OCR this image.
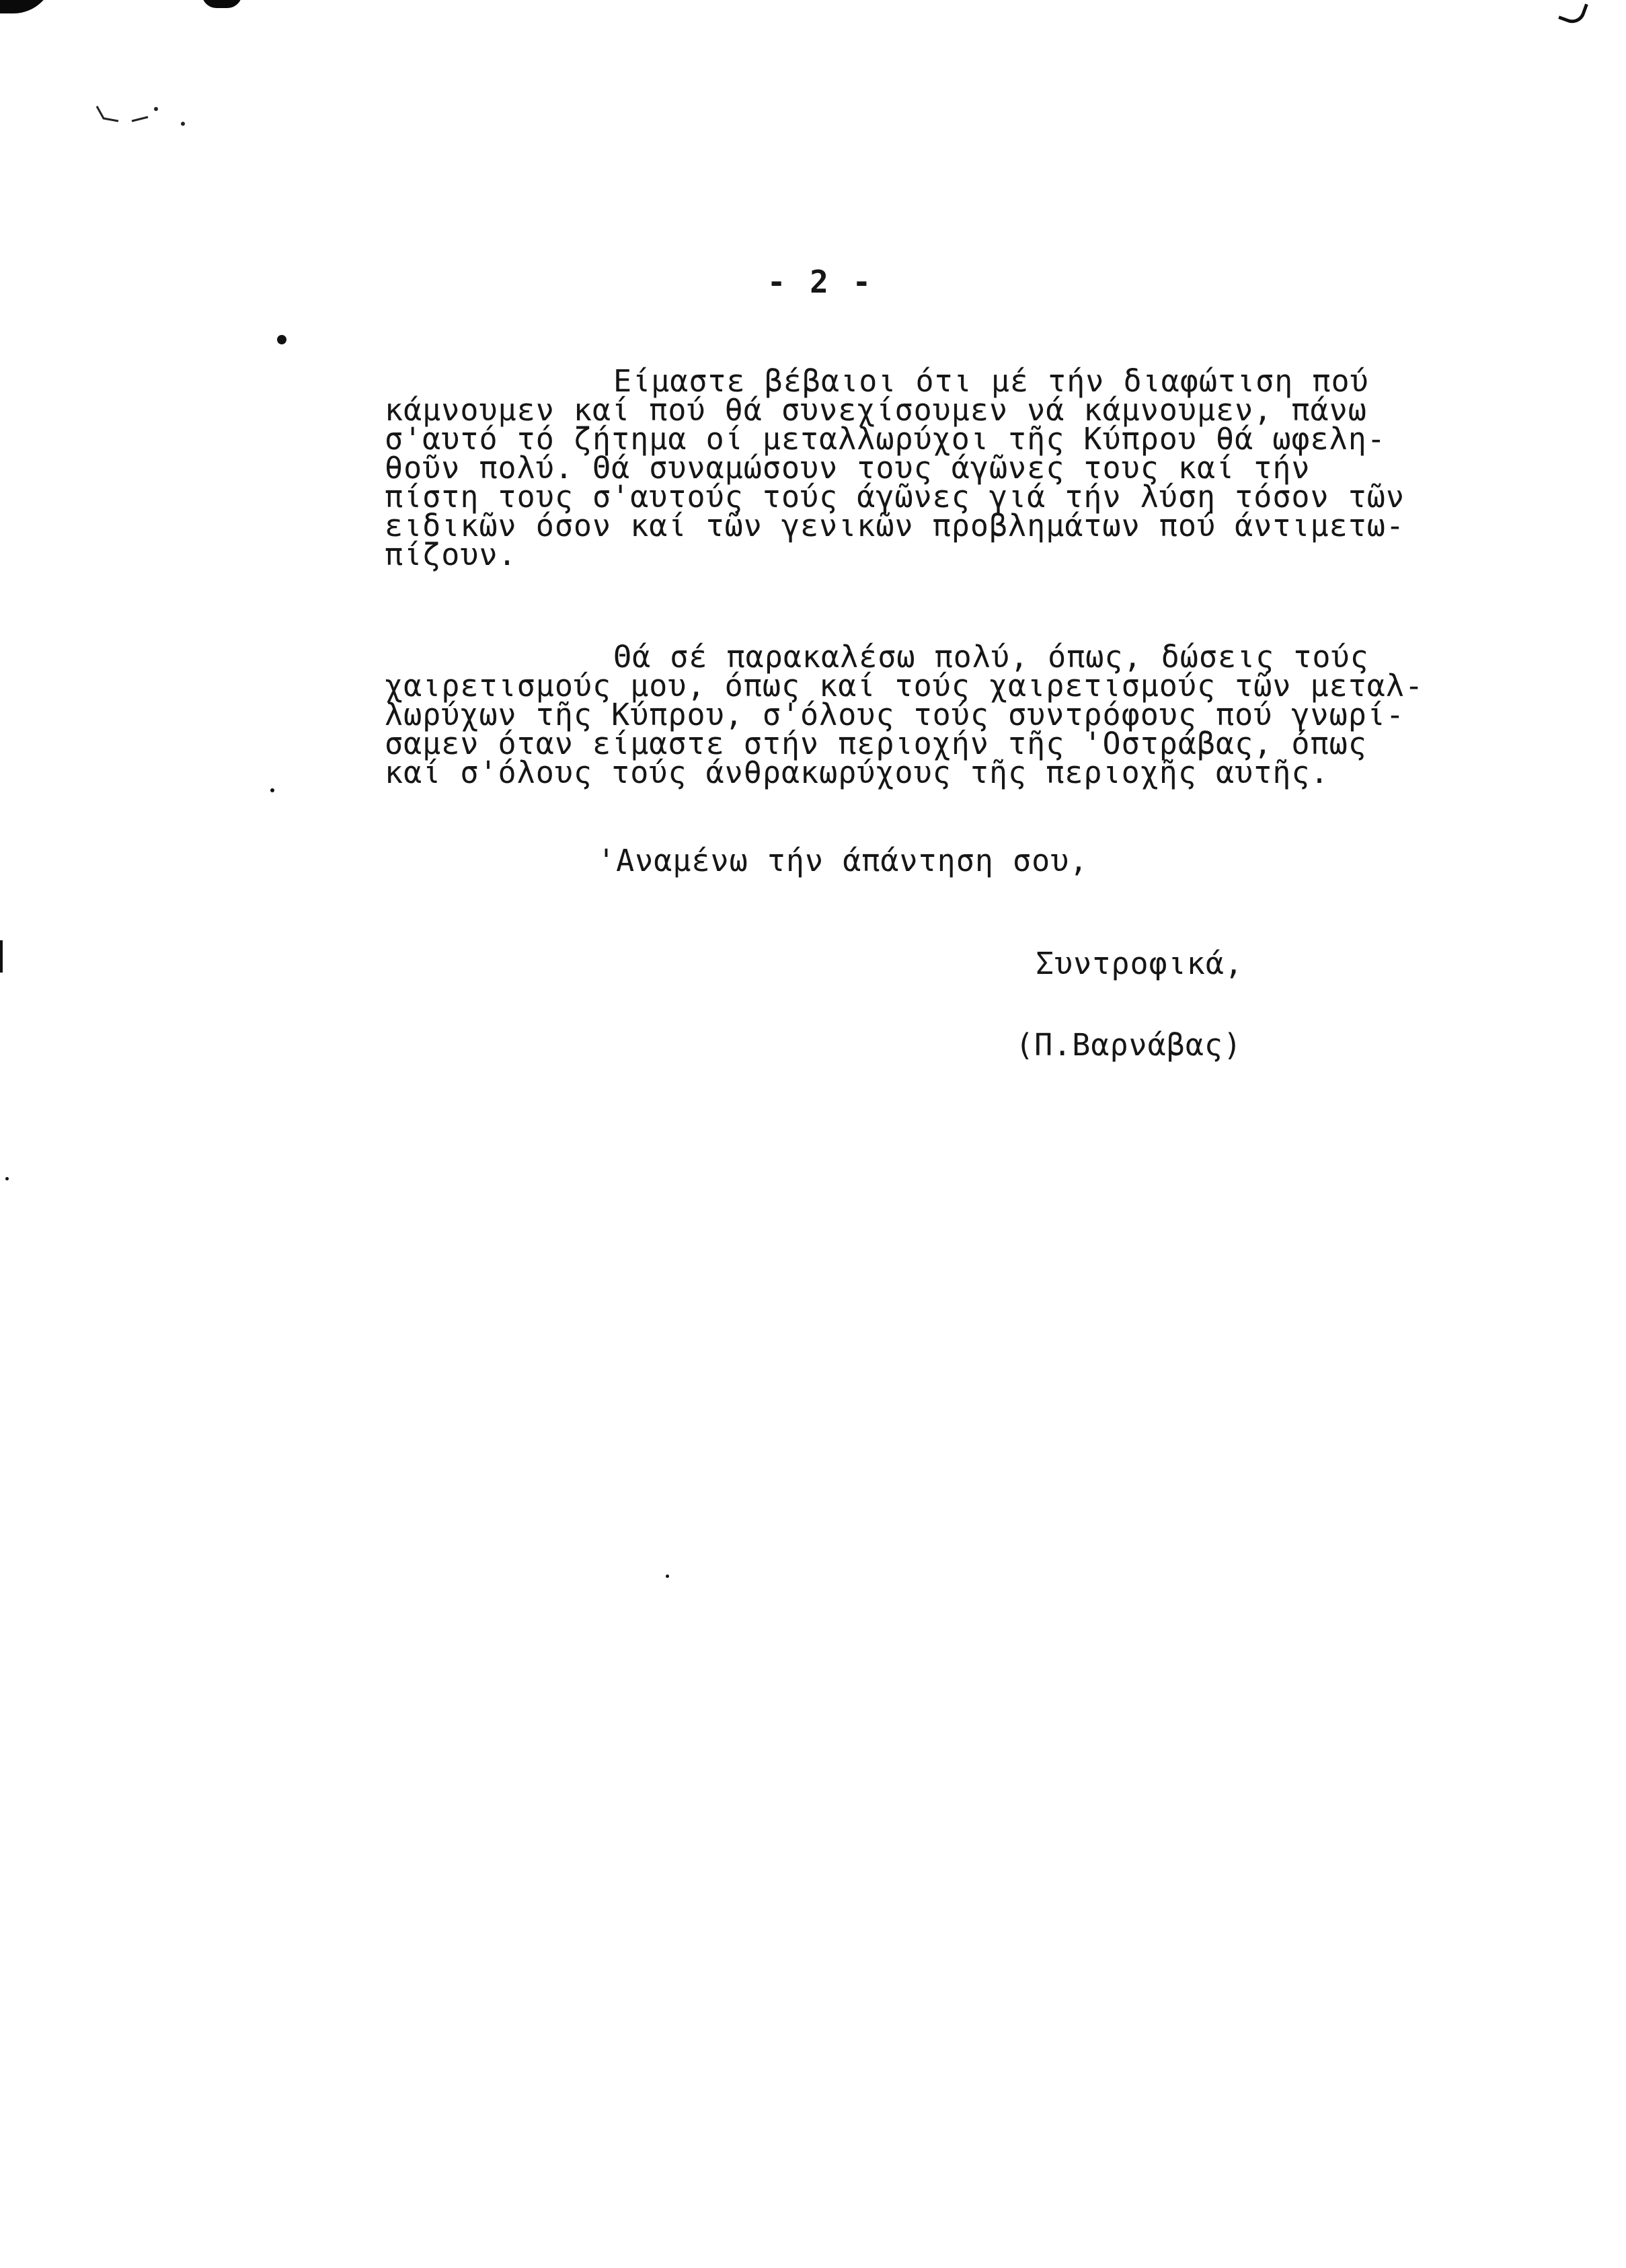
- 2 -
Είμαστε βέβαιοι ότι μέ τήν διαφώτιση πού
κάμνουμεν καί πού θά συνεχίσουμεν νά κάμνουμεν, πάνω
σ'αυτό τό ζήτημα οί μεταλλωρύχοι τῆς Κύπρου θά ωφελη-
θοῦν πολύ. Θά συναμώσουν τους άγῶνες τους καί τήν
πίστη τους σ'αυτούς τούς άγῶνες γιά τήν λύση τόσον τῶν
ειδικῶν όσον καί τῶν γενικῶν προβλημάτων πού άντιμετω-
πίζουν.
Θά σέ παρακαλέσω πολύ, όπως, δώσεις τούς
χαιρετισμούς μου, όπως καί τούς χαιρετισμούς τῶν μεταλ-
λωρύχων τῆς Κύπρου, σ'όλους τούς συντρόφους πού γνωρί-
σαμεν όταν είμαστε στήν περιοχήν τῆς 'Οστράβας, όπως
καί σ'όλους τούς άνθρακωρύχους τῆς περιοχῆς αυτῆς.
'Αναμένω τήν άπάντηση σου,
Συντροφικά,
(Π.Βαρνάβας)
